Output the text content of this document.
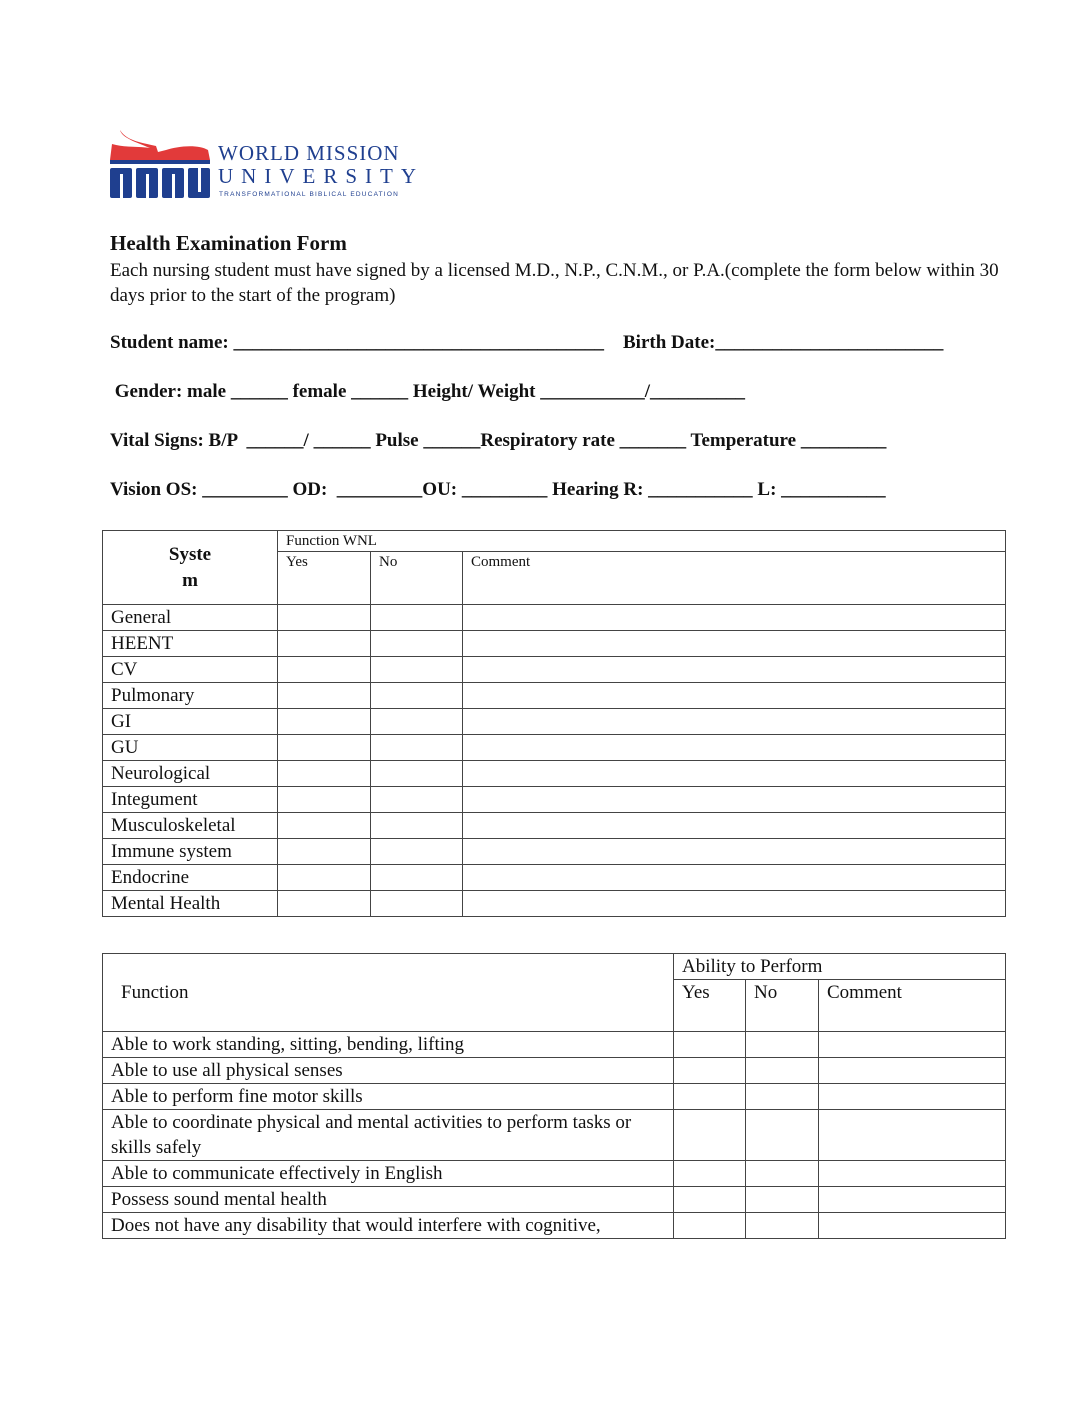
WORLD MISSION
UNIVERSITY
TRANSFORMATIONAL BIBLICAL EDUCATION
Health Examination Form
Each nursing student must have signed by a licensed M.D., N.P., C.N.M., or P.A.(complete the form below within 30 days prior to the start of the program)
Student name: _______________________________________    Birth Date:________________________
Gender: male ______ female ______ Height/ Weight ___________/__________
Vital Signs: B/P  ______/ ______ Pulse ______Respiratory rate _______ Temperature _________
Vision OS: _________ OD:  _________OU: _________ Hearing R: ___________ L: ___________
Syste
m	Function WNL		
	Yes	No	Comment
General			
HEENT			
CV			
Pulmonary			
GI			
GU			
Neurological			
Integument			
Musculoskeletal			
Immune system			
Endocrine			
Mental Health			
Function	Ability to Perform		
	Yes	No	Comment
Able to work standing, sitting, bending, lifting			
Able to use all physical senses			
Able to perform fine motor skills			
Able to coordinate physical and mental activities to perform tasks or skills safely			
Able to communicate effectively in English			
Possess sound mental health			
Does not have any disability that would interfere with cognitive,			
